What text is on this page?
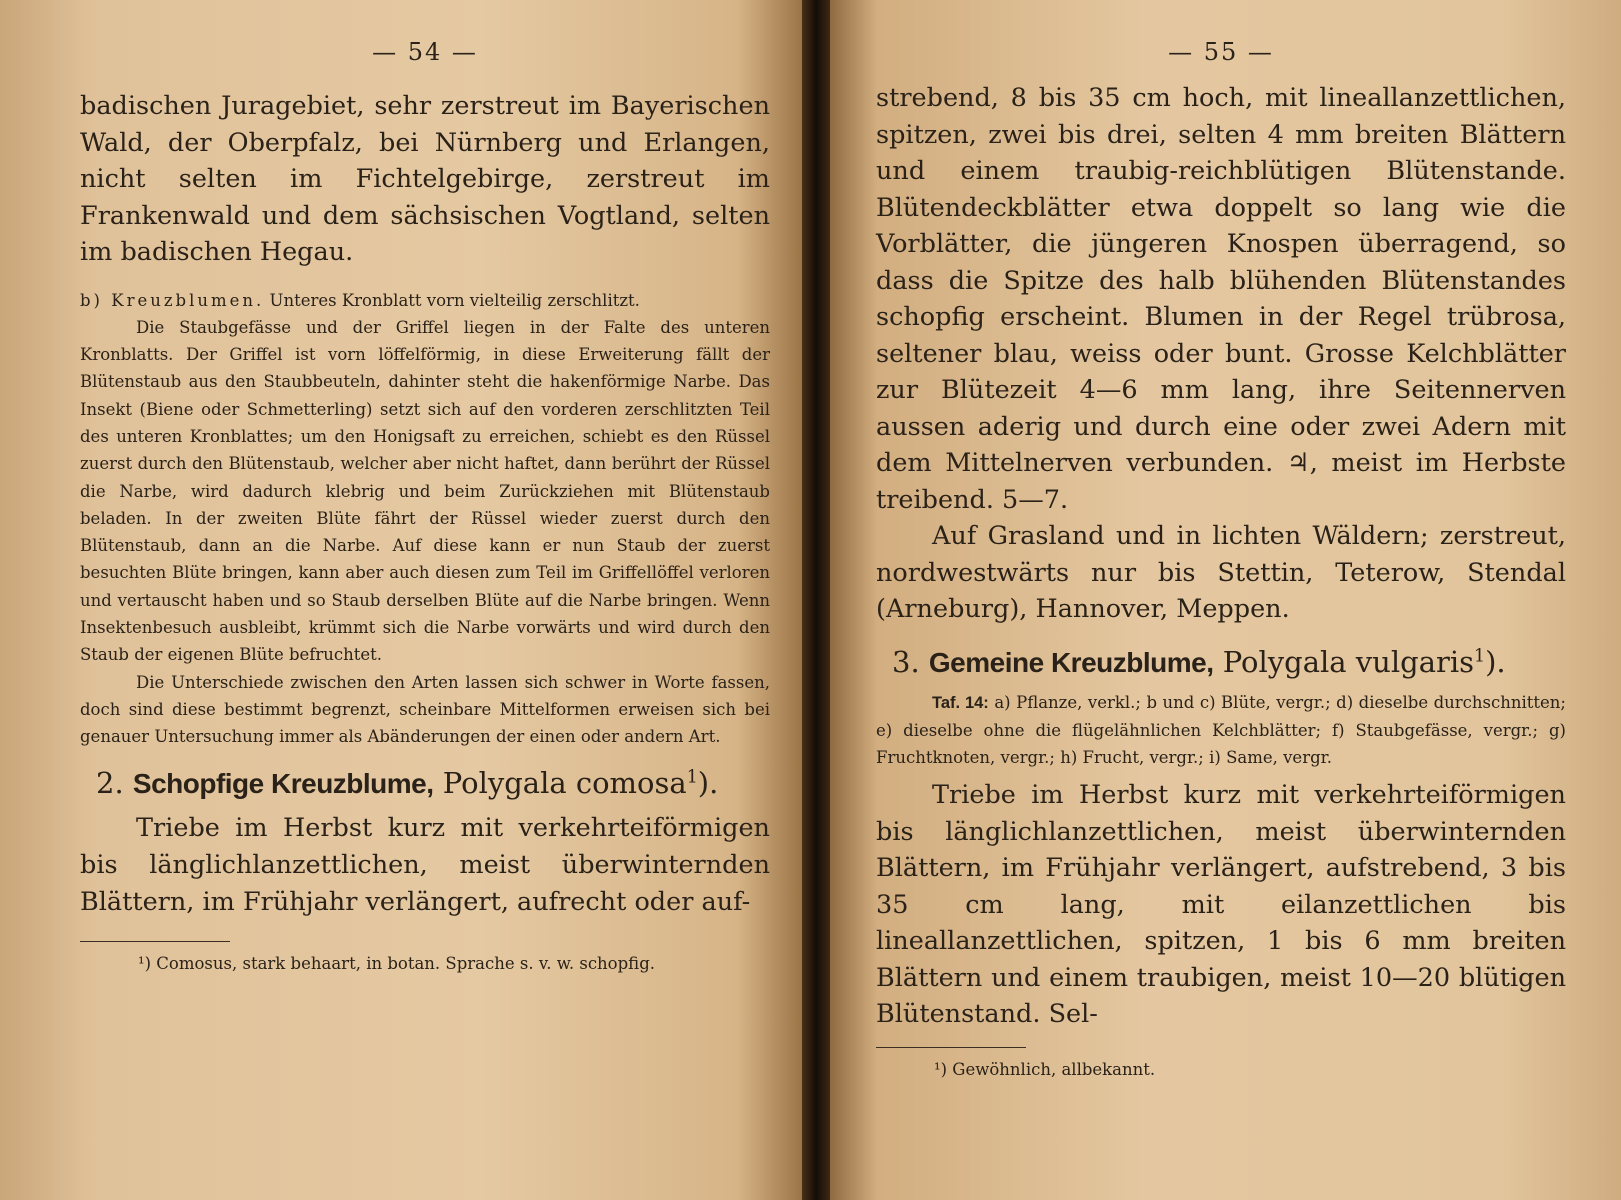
— 54 —

badischen Juragebiet, sehr zerstreut im Bayerischen Wald, der Oberpfalz, bei Nürnberg und Erlangen, nicht selten im Fichtelgebirge, zerstreut im Frankenwald und dem sächsischen Vogtland, selten im badischen Hegau.

b) Kreuzblumen. Unteres Kronblatt vorn vielteilig zerschlitzt.

Die Staubgefässe und der Griffel liegen in der Falte des unteren Kronblatts. Der Griffel ist vorn löffelförmig, in diese Erweiterung fällt der Blütenstaub aus den Staubbeuteln, dahinter steht die hakenförmige Narbe. Das Insekt (Biene oder Schmetterling) setzt sich auf den vorderen zerschlitzten Teil des unteren Kronblattes; um den Honigsaft zu erreichen, schiebt es den Rüssel zuerst durch den Blütenstaub, welcher aber nicht haftet, dann berührt der Rüssel die Narbe, wird dadurch klebrig und beim Zurückziehen mit Blütenstaub beladen. In der zweiten Blüte fährt der Rüssel wieder zuerst durch den Blütenstaub, dann an die Narbe. Auf diese kann er nun Staub der zuerst besuchten Blüte bringen, kann aber auch diesen zum Teil im Griffellöffel verloren und vertauscht haben und so Staub derselben Blüte auf die Narbe bringen. Wenn Insektenbesuch ausbleibt, krümmt sich die Narbe vorwärts und wird durch den Staub der eigenen Blüte befruchtet.

Die Unterschiede zwischen den Arten lassen sich schwer in Worte fassen, doch sind diese bestimmt begrenzt, scheinbare Mittelformen erweisen sich bei genauer Untersuchung immer als Abänderungen der einen oder andern Art.

2. Schopfige Kreuzblume, Polygala comosa$^1$).

Triebe im Herbst kurz mit verkehrteiförmigen bis länglichlanzettlichen, meist überwinternden Blättern, im Frühjahr verlängert, aufrecht oder auf-

¹) Comosus, stark behaart, in botan. Sprache s. v. w. schopfig.

— 55 —

strebend, 8 bis 35 cm hoch, mit lineallanzettlichen, spitzen, zwei bis drei, selten 4 mm breiten Blättern und einem traubig-reichblütigen Blütenstande. Blütendeckblätter etwa doppelt so lang wie die Vorblätter, die jüngeren Knospen überragend, so dass die Spitze des halb blühenden Blütenstandes schopfig erscheint. Blumen in der Regel trübrosa, seltener blau, weiss oder bunt. Grosse Kelchblätter zur Blütezeit 4—6 mm lang, ihre Seitennerven aussen aderig und durch eine oder zwei Adern mit dem Mittelnerven verbunden. ♃, meist im Herbste treibend. 5—7.

Auf Grasland und in lichten Wäldern; zerstreut, nordwestwärts nur bis Stettin, Teterow, Stendal (Arneburg), Hannover, Meppen.

3. Gemeine Kreuzblume, Polygala vulgaris$^1$).

Taf. 14: a) Pflanze, verkl.; b und c) Blüte, vergr.; d) dieselbe durchschnitten; e) dieselbe ohne die flügelähnlichen Kelchblätter; f) Staubgefässe, vergr.; g) Fruchtknoten, vergr.; h) Frucht, vergr.; i) Same, vergr.

Triebe im Herbst kurz mit verkehrteiförmigen bis länglichlanzettlichen, meist überwinternden Blättern, im Frühjahr verlängert, aufstrebend, 3 bis 35 cm lang, mit eilanzettlichen bis lineallanzettlichen, spitzen, 1 bis 6 mm breiten Blättern und einem traubigen, meist 10—20 blütigen Blütenstand. Sel-

¹) Gewöhnlich, allbekannt.
